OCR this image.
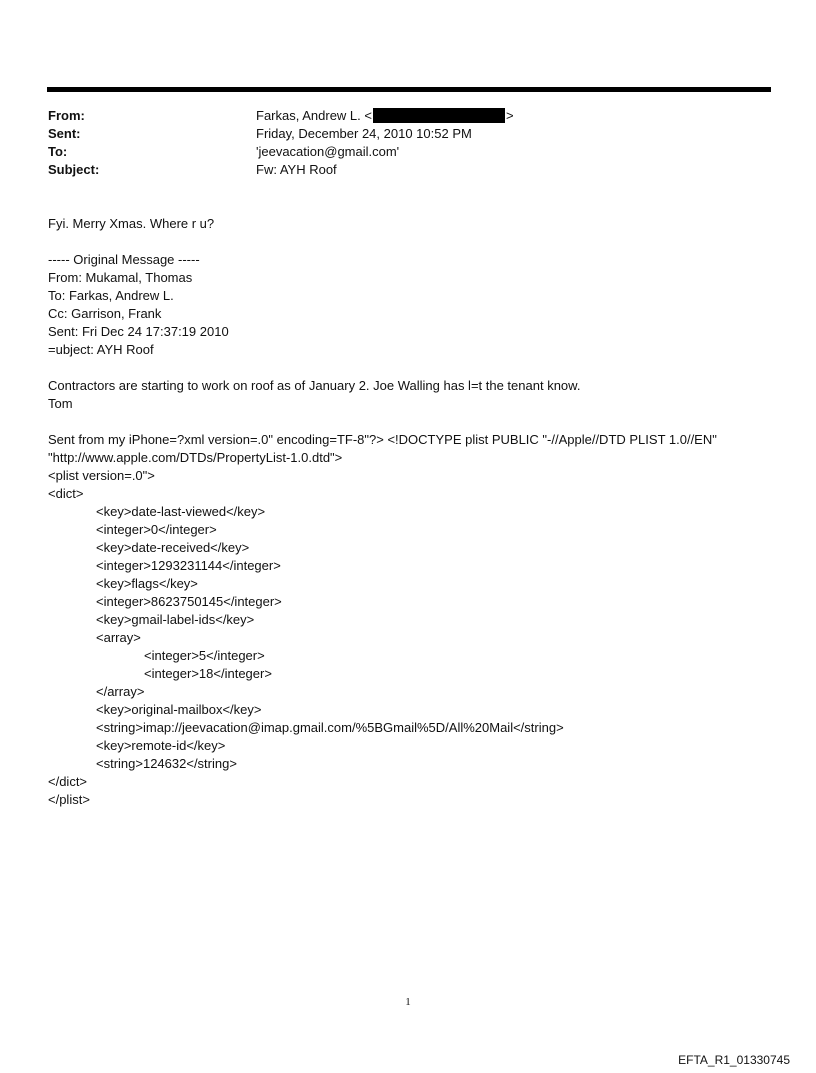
From:	Farkas, Andrew L. <	>
Sent:	Friday, December 24, 2010 10:52 PM
To:	'jeevacation@gmail.com'
Subject:	Fw: AYH Roof
Fyi. Merry Xmas. Where r u?
----- Original Message -----
From: Mukamal, Thomas
To: Farkas, Andrew L.
Cc: Garrison, Frank
Sent: Fri Dec 24 17:37:19 2010
=ubject: AYH Roof
Contractors are starting to work on roof as of January 2. Joe Walling has l=t the tenant know.
Tom
Sent from my iPhone=?xml version=.0" encoding=TF-8"?> <!DOCTYPE plist PUBLIC "-//Apple//DTD PLIST 1.0//EN"
"http://www.apple.com/DTDs/PropertyList-1.0.dtd">
<plist version=.0">
<dict>
<key>date-last-viewed</key>
<integer>0</integer>
<key>date-received</key>
<integer>1293231144</integer>
<key>flags</key>
<integer>8623750145</integer>
<key>gmail-label-ids</key>
<array>
<integer>5</integer>
<integer>18</integer>
</array>
<key>original-mailbox</key>
<string>imap://jeevacation@imap.gmail.com/%5BGmail%5D/All%20Mail</string>
<key>remote-id</key>
<string>124632</string>
</dict>
</plist>
1
EFTA_R1_01330745
